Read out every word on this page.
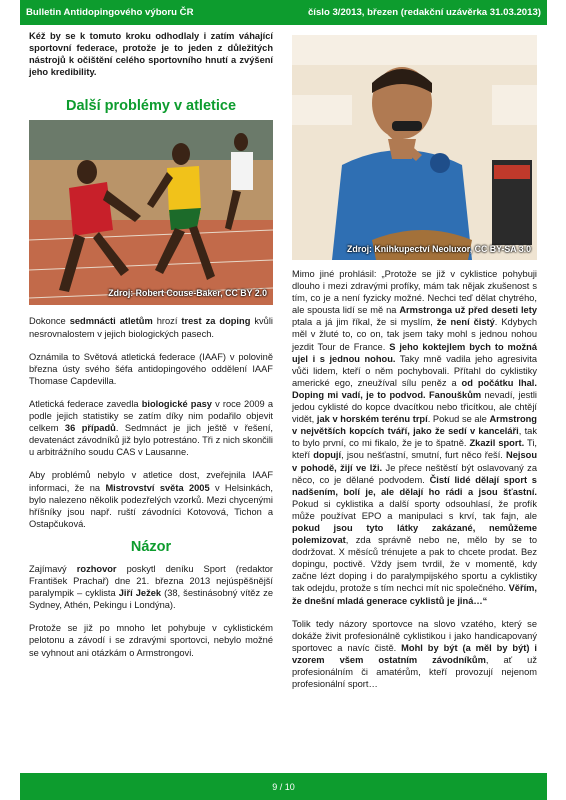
Bulletin Antidopingového výboru ČR	číslo 3/2013, březen (redakční uzávěrka 31.03.2013)

Kéž by se k tomuto kroku odhodlaly i zatím váhající sportovní federace, protože je to jeden z důležitých nástrojů k očištění celého sportovního hnutí a zvýšení jeho kredibility.

Další problémy v atletice
Zdroj: Robert Couse-Baker, CC BY 2.0

Dokonce sedmnácti atletům hrozí trest za doping kvůli nesrovnalostem v jejich biologických pasech.

Oznámila to Světová atletická federace (IAAF) v polovině března ústy svého šéfa antidopingového oddělení IAAF Thomase Capdevilla.

Atletická federace zavedla biologické pasy v roce 2009 a podle jejich statistiky se zatím díky nim podařilo objevit celkem 36 případů. Sedmnáct je jich ještě v řešení, devatenáct závodníků již bylo potrestáno. Tři z nich skončili u arbitrážního soudu CAS v Lausanne.

Aby problémů nebylo v atletice dost, zveřejnila IAAF informaci, že na Mistrovství světa 2005 v Helsinkách, bylo nalezeno několik podezřelých vzorků. Mezi chycenými hříšníky jsou např. ruští závodníci Kotovová, Tichon a Ostapčuková.

Názor

Zajímavý rozhovor poskytl deníku Sport (redaktor František Prachař) dne 21. března 2013 nejúspěšnější paralympik – cyklista Jiří Ježek (38, šestinásobný vítěz ze Sydney, Athén, Pekingu i Londýna).

Protože se již po mnoho let pohybuje v cyklistickém pelotonu a závodí i se zdravými sportovci, nebylo možné se vyhnout ani otázkám o Armstrongovi.

Zdroj: Knihkupectví Neoluxor, CC BY-SA 3.0

Mimo jiné prohlásil: „Protože se již v cyklistice pohybuji dlouho i mezi zdravými profíky, mám tak nějak zkušenost s tím, co je a není fyzicky možné. Nechci teď dělat chytrého, ale spousta lidí se mě na Armstronga už před deseti lety ptala a já jim říkal, že si myslím, že není čistý. Kdybych měl v žluté to, co on, tak jsem taky mohl s jednou nohou jezdit Tour de France. S jeho koktejlem bych to možná ujel i s jednou nohou. Taky mně vadila jeho agresivita vůči lidem, kteří o něm pochybovali. Přítahl do cyklistiky americké ego, zneužíval sílu peněz a od počátku lhal. Doping mi vadí, je to podvod. Fanouškům nevadí, jestli jedou cyklisté do kopce dvacítkou nebo třicítkou, ale chtějí vidět, jak v horském terénu trpí. Pokud se ale Armstrong v největších kopcích tváří, jako že sedí v kanceláři, tak to bylo první, co mi fikalo, že je to špatně. Zkazil sport. Ti, kteří dopují, jsou nešťastní, smutní, furt něco řeší. Nejsou v pohodě, žijí ve lži. Je přece neštěstí být oslavovaný za něco, co je dělané podvodem. Čistí lidé dělají sport s nadšením, bolí je, ale dělají ho rádi a jsou šťastní. Pokud si cyklistika a další sporty odsouhlasí, že profík může používat EPO a manipulaci s krví, tak fajn, ale pokud jsou tyto látky zakázané, nemůžeme polemizovat, zda správně nebo ne, mělo by se to dodržovat. X měsíců trénujete a pak to chcete prodat. Bez dopingu, poctivě. Vždy jsem tvrdil, že v momentě, kdy začne lézt doping i do paralympijského sportu a cyklistiky tak odejdu, protože s tím nechci mít nic společného. Věřím, že dnešní mladá generace cyklistů je jiná…“

Tolik tedy názory sportovce na slovo vzatého, který se dokáže živit profesionálně cyklistikou i jako handicapovaný sportovec a navíc čistě. Mohl by být (a měl by být) i vzorem všem ostatním závodníkům, ať už profesionálním či amatérům, kteří provozují nejenom profesionální sport…

9 / 10
